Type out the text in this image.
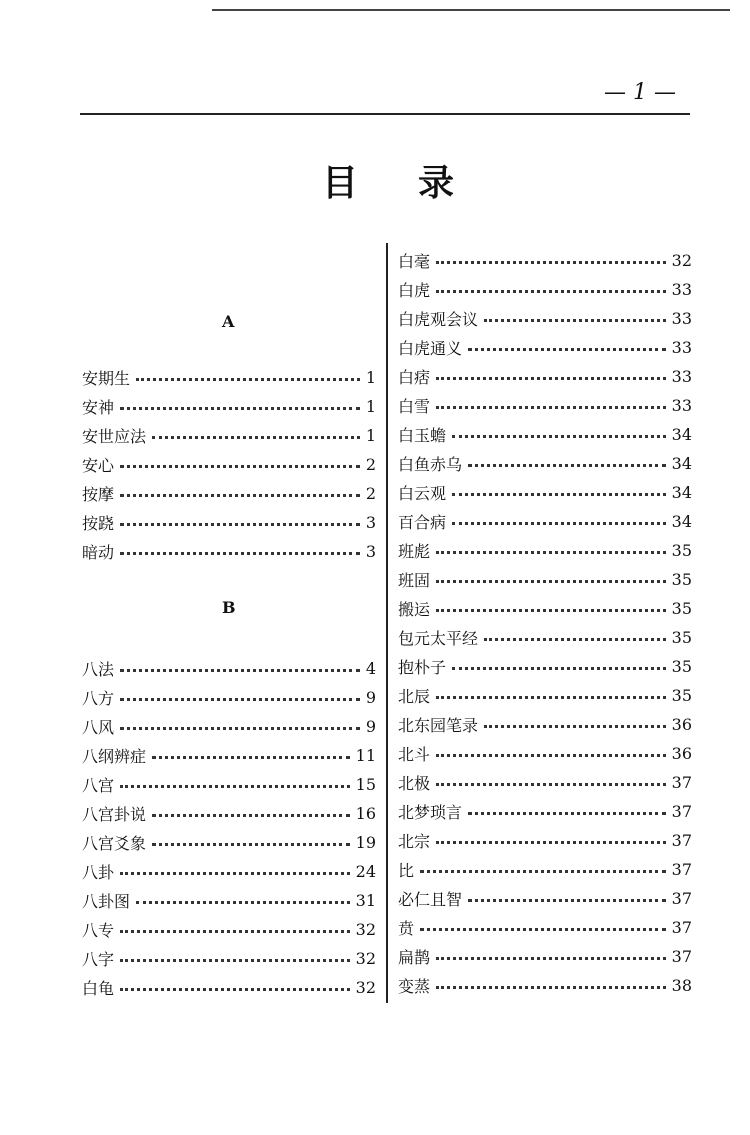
— 1 —
目 录
A
安期生	1
安神	1
安世应法	1
安心	2
按摩	2
按跷	3
暗动	3
B
八法	4
八方	9
八风	9
八纲辨症	11
八宫	15
八宫卦说	16
八宫爻象	19
八卦	24
八卦图	31
八专	32
八字	32
白龟	32
白毫	32
白虎	33
白虎观会议	33
白虎通义	33
白痞	33
白雪	33
白玉蟾	34
白鱼赤乌	34
白云观	34
百合病	34
班彪	35
班固	35
搬运	35
包元太平经	35
抱朴子	35
北辰	35
北东园笔录	36
北斗	36
北极	37
北梦琐言	37
北宗	37
比	37
必仁且智	37
贲	37
扁鹊	37
变蒸	38
